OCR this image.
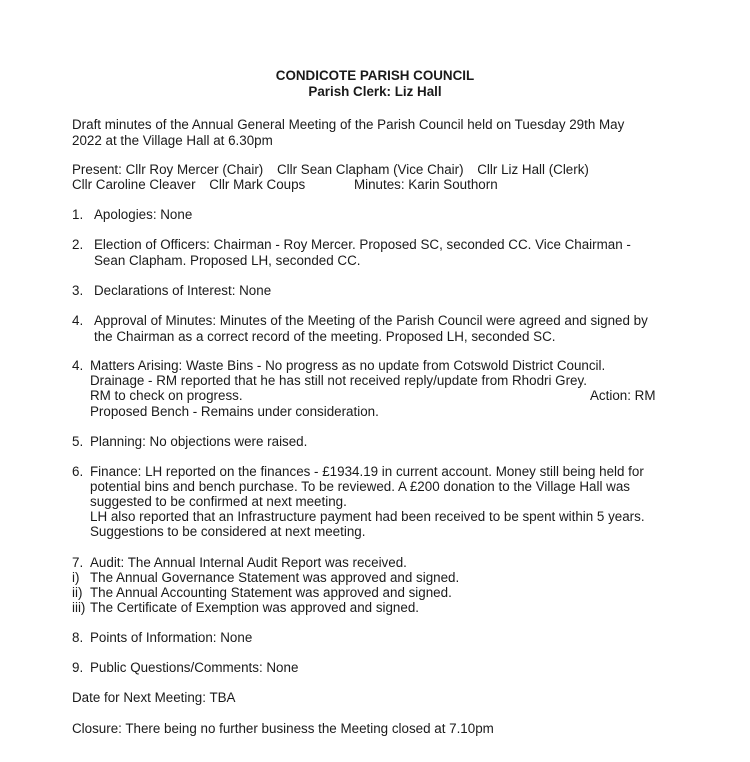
CONDICOTE PARISH COUNCIL
Parish Clerk: Liz Hall
Draft minutes of the Annual General Meeting of the Parish Council held on Tuesday 29th May
2022 at the Village Hall at 6.30pm
Present: Cllr Roy Mercer (Chair) Cllr Sean Clapham (Vice Chair) Cllr Liz Hall (Clerk)
Cllr Caroline Cleaver Cllr Mark Coups	Minutes: Karin Southorn
1. Apologies: None
2. Election of Officers: Chairman - Roy Mercer. Proposed SC, seconded CC. Vice Chairman -
Sean Clapham. Proposed LH, seconded CC.
3. Declarations of Interest: None
4. Approval of Minutes: Minutes of the Meeting of the Parish Council were agreed and signed by
the Chairman as a correct record of the meeting. Proposed LH, seconded SC.
4. Matters Arising: Waste Bins - No progress as no update from Cotswold District Council.
Drainage - RM reported that he has still not received reply/update from Rhodri Grey.
RM to check on progress.	Action: RM
Proposed Bench - Remains under consideration.
5. Planning: No objections were raised.
6. Finance: LH reported on the finances - £1934.19 in current account. Money still being held for
potential bins and bench purchase. To be reviewed. A £200 donation to the Village Hall was
suggested to be confirmed at next meeting.
LH also reported that an Infrastructure payment had been received to be spent within 5 years.
Suggestions to be considered at next meeting.
7. Audit: The Annual Internal Audit Report was received.
i) The Annual Governance Statement was approved and signed.
ii) The Annual Accounting Statement was approved and signed.
iii) The Certificate of Exemption was approved and signed.
8. Points of Information: None
9. Public Questions/Comments: None
Date for Next Meeting: TBA
Closure: There being no further business the Meeting closed at 7.10pm
